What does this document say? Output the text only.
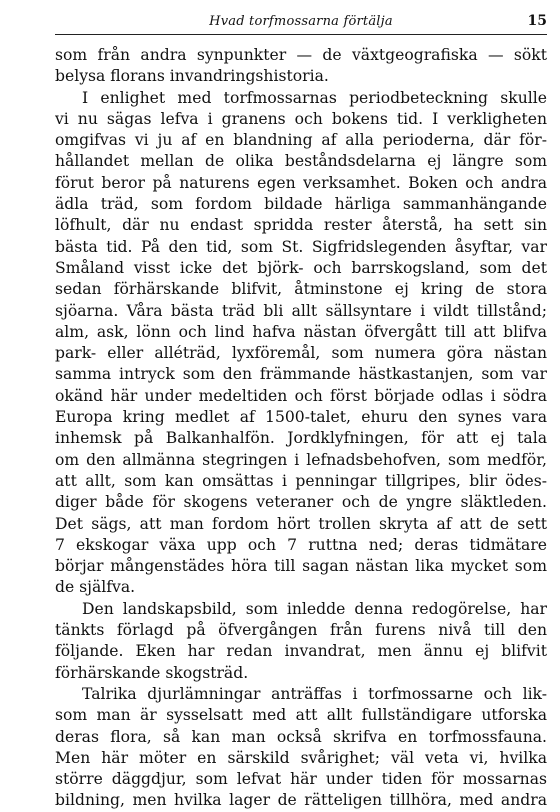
Hvad torfmossarna förtälja	15
som från andra synpunkter — de växtgeografiska — sökt
belysa florans invandringshistoria.
I enlighet med torfmossarnas periodbeteckning skulle
vi nu sägas lefva i granens och bokens tid. I verkligheten
omgifvas vi ju af en blandning af alla perioderna, där för-
hållandet mellan de olika beståndsdelarna ej längre som
förut beror på naturens egen verksamhet. Boken och andra
ädla träd, som fordom bildade härliga sammanhängande
löfhult, där nu endast spridda rester återstå, ha sett sin
bästa tid. På den tid, som St. Sigfridslegenden åsyftar, var
Småland visst icke det björk- och barrskogsland, som det
sedan förhärskande blifvit, åtminstone ej kring de stora
sjöarna. Våra bästa träd bli allt sällsyntare i vildt tillstånd;
alm, ask, lönn och lind hafva nästan öfvergått till att blifva
park- eller alléträd, lyxföremål, som numera göra nästan
samma intryck som den främmande hästkastanjen, som var
okänd här under medeltiden och först började odlas i södra
Europa kring medlet af 1500-talet, ehuru den synes vara
inhemsk på Balkanhalfön. Jordklyfningen, för att ej tala
om den allmänna stegringen i lefnadsbehofven, som medför,
att allt, som kan omsättas i penningar tillgripes, blir ödes-
diger både för skogens veteraner och de yngre släktleden.
Det sägs, att man fordom hört trollen skryta af att de sett
7 ekskogar växa upp och 7 ruttna ned; deras tidmätare
börjar mångenstädes höra till sagan nästan lika mycket som
de själfva.
Den landskapsbild, som inledde denna redogörelse, har
tänkts förlagd på öfvergången från furens nivå till den
följande. Eken har redan invandrat, men ännu ej blifvit
förhärskande skogsträd.
Talrika djurlämningar anträffas i torfmossarne och lik-
som man är sysselsatt med att allt fullständigare utforska
deras flora, så kan man också skrifva en torfmossfauna.
Men här möter en särskild svårighet; väl veta vi, hvilka
större däggdjur, som lefvat här under tiden för mossarnas
bildning, men hvilka lager de rätteligen tillhöra, med andra
